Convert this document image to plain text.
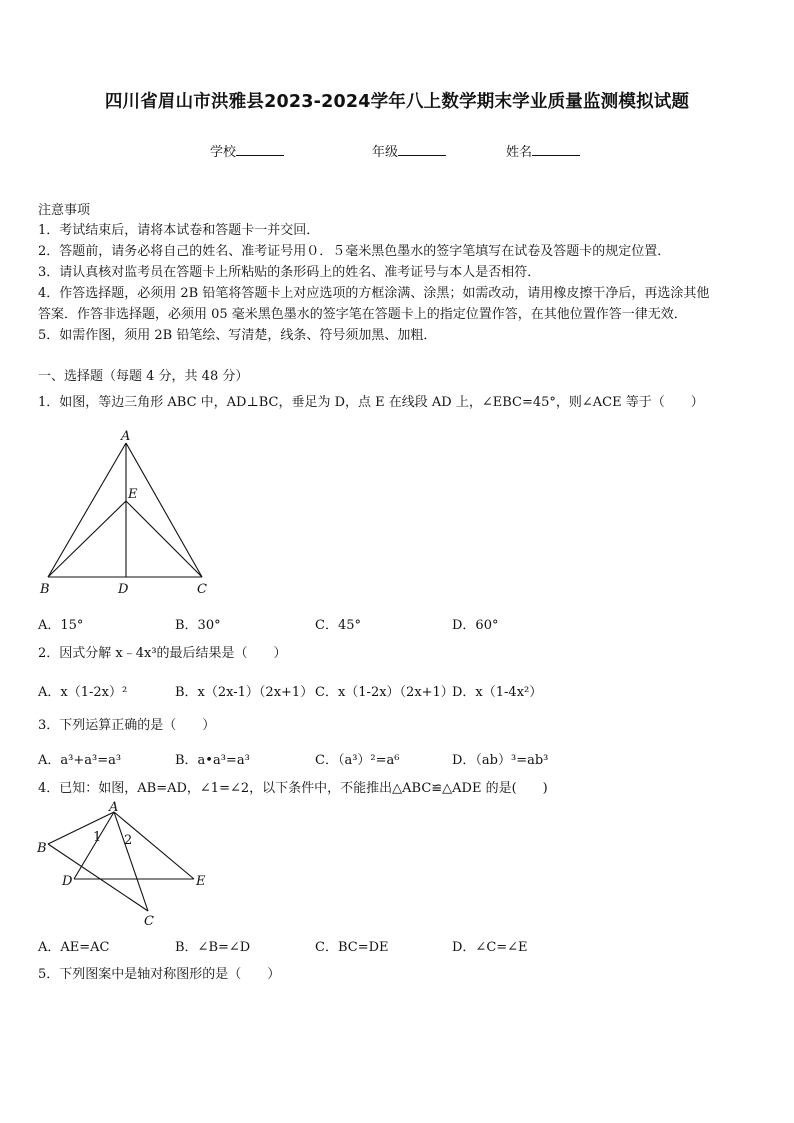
四川省眉山市洪雅县2023-2024学年八上数学期末学业质量监测模拟试题
学校	年级	姓名
注意事项
1．考试结束后，请将本试卷和答题卡一并交回．
2．答题前，请务必将自己的姓名、准考证号用０．５毫米黑色墨水的签字笔填写在试卷及答题卡的规定位置．
3．请认真核对监考员在答题卡上所粘贴的条形码上的姓名、准考证号与本人是否相符．
4．作答选择题，必须用 2B 铅笔将答题卡上对应选项的方框涂满、涂黑；如需改动，请用橡皮擦干净后，再选涂其他
答案．作答非选择题，必须用 05 毫米黑色墨水的签字笔在答题卡上的指定位置作答，在其他位置作答一律无效．
5．如需作图，须用 2B 铅笔绘、写清楚，线条、符号须加黑、加粗．
一、选择题（每题 4 分，共 48 分）
1．如图，等边三角形 ABC 中，AD⊥BC，垂足为 D，点 E 在线段 AD 上，∠EBC=45°，则∠ACE 等于（　　）
A
E
B	D	C
A．15°	B．30°	C．45°	D．60°
2．因式分解 x﹣4x³的最后结果是（　　）
A．x（1-2x）²	B．x（2x-1）（2x+1） C．x（1-2x）（2x+1）
D．x（1-4x²）
3．下列运算正确的是（　　）
A．a³+a³=a³	B．a•a³=a³	C．（a³）²=a⁶	D．（ab）³=ab³
4．已知：如图，AB=AD，∠1=∠2，以下条件中，不能推出△ABC≌△ADE 的是(　　)
A
B
D	E
C
1 2
A．AE=AC	B．∠B=∠D	C．BC=DE	D．∠C=∠E
5．下列图案中是轴对称图形的是（　　）
